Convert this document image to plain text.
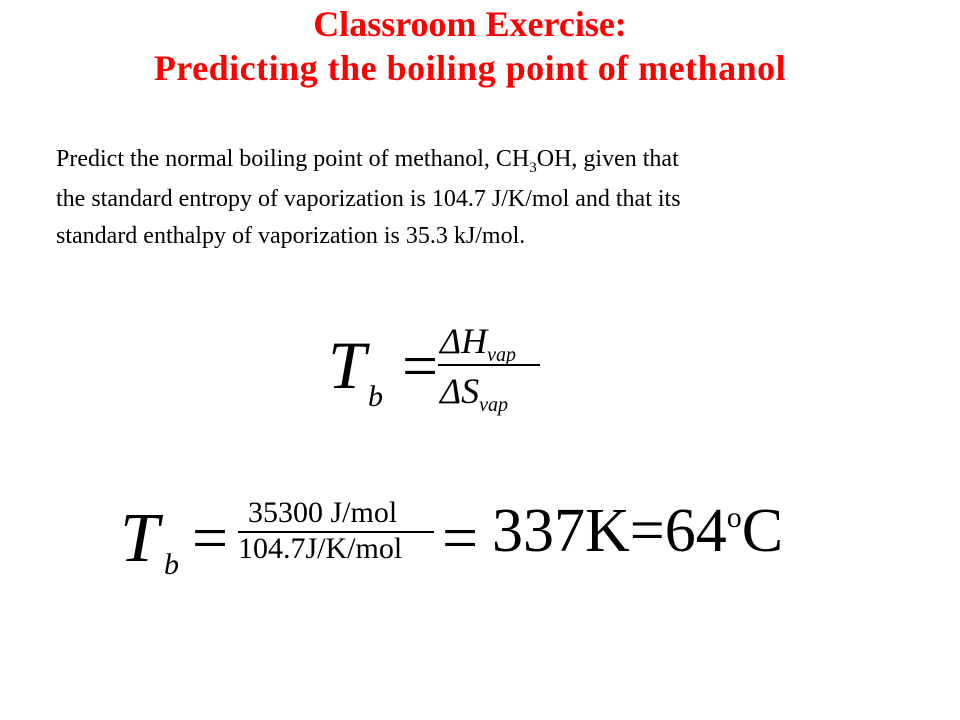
Classroom Exercise:
Predicting the boiling point of methanol
Predict the normal boiling point of methanol, $CH_3OH$, given that
the standard entropy of vaporization is 104.7 J/K/mol and that its
standard enthalpy of vaporization is 35.3 kJ/mol.
T $b = \Delta H_{vap}$
$\Delta S_{vap}$
T b = 35300 J/mol
$104.7J/K/mol = 337K=64^oC$
